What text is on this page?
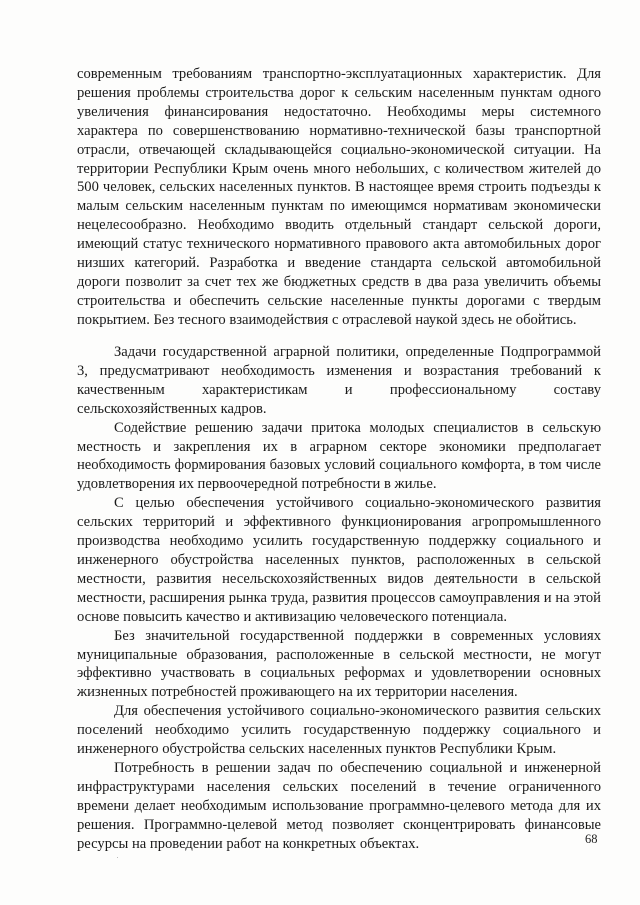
современным требованиям транспортно-эксплуатационных характеристик. Для решения проблемы строительства дорог к сельским населенным пунктам одного увеличения финансирования недостаточно. Необходимы меры системного характера по совершенствованию нормативно-технической базы транспортной отрасли, отвечающей складывающейся социально-экономической ситуации. На территории Республики Крым очень много небольших, с количеством жителей до 500 человек, сельских населенных пунктов. В настоящее время строить подъезды к малым сельским населенным пунктам по имеющимся нормативам экономически нецелесообразно. Необходимо вводить отдельный стандарт сельской дороги, имеющий статус технического нормативного правового акта автомобильных дорог низших категорий. Разработка и введение стандарта сельской автомобильной дороги позволит за счет тех же бюджетных средств в два раза увеличить объемы строительства и обеспечить сельские населенные пункты дорогами с твердым покрытием. Без тесного взаимодействия с отраслевой наукой здесь не обойтись.

Задачи государственной аграрной политики, определенные Подпрограммой 3, предусматривают необходимость изменения и возрастания требований к качественным характеристикам и профессиональному составу сельскохозяйственных кадров.

Содействие решению задачи притока молодых специалистов в сельскую местность и закрепления их в аграрном секторе экономики предполагает необходимость формирования базовых условий социального комфорта, в том числе удовлетворения их первоочередной потребности в жилье.

С целью обеспечения устойчивого социально-экономического развития сельских территорий и эффективного функционирования агропромышленного производства необходимо усилить государственную поддержку социального и инженерного обустройства населенных пунктов, расположенных в сельской местности, развития несельскохозяйственных видов деятельности в сельской местности, расширения рынка труда, развития процессов самоуправления и на этой основе повысить качество и активизацию человеческого потенциала.

Без значительной государственной поддержки в современных условиях муниципальные образования, расположенные в сельской местности, не могут эффективно участвовать в социальных реформах и удовлетворении основных жизненных потребностей проживающего на их территории населения.

Для обеспечения устойчивого социально-экономического развития сельских поселений необходимо усилить государственную поддержку социального и инженерного обустройства сельских населенных пунктов Республики Крым.

Потребность в решении задач по обеспечению социальной и инженерной инфраструктурами населения сельских поселений в течение ограниченного времени делает необходимым использование программно-целевого метода для их решения. Программно-целевой метод позволяет сконцентрировать финансовые ресурсы на проведении работ на конкретных объектах.	68
